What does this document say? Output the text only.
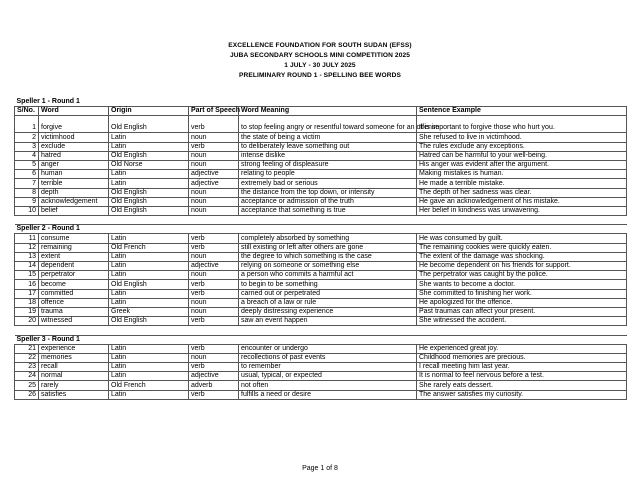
EXCELLENCE FOUNDATION FOR SOUTH SUDAN (EFSS)
JUBA SECONDARY SCHOOLS MINI COMPETITION 2025
1 JULY - 30 JULY 2025
PRELIMINARY ROUND 1 - SPELLING BEE WORDS
Speller 1 - Round 1					
S/No.	Word	Origin	Part of Speech	Word Meaning	Sentence Example
1	forgive	Old English	verb	to stop feeling angry or resentful toward someone for an offense	It is important to forgive those who hurt you.
2	victimhood	Latin	noun	the state of being a victim	She refused to live in victimhood.
3	exclude	Latin	verb	to deliberately leave something out	The rules exclude any exceptions.
4	hatred	Old English	noun	intense dislike	Hatred can be harmful to your well-being.
5	anger	Old Norse	noun	strong feeling of displeasure	His anger was evident after the argument.
6	human	Latin	adjective	relating to people	Making mistakes is human.
7	terrible	Latin	adjective	extremely bad or serious	He made a terrible mistake.
8	depth	Old English	noun	the distance from the top down, or intensity	The depth of her sadness was clear.
9	acknowledgement	Old English	noun	acceptance or admission of the truth	He gave an acknowledgement of his mistake.
10	belief	Old English	noun	acceptance that something is true	Her belief in kindness was unwavering.

Speller 2 - Round 1					
11	consume	Latin	verb	completely absorbed by something	He was consumed by guilt.
12	remaining	Old French	verb	still existing or left after others are gone	The remaining cookies were quickly eaten.
13	extent	Latin	noun	the degree to which something is the case	The extent of the damage was shocking.
14	dependent	Latin	adjective	relying on someone or something else	He become dependent on his friends for support.
15	perpetrator	Latin	noun	a person who commits a harmful act	The perpetrator was caught by the police.
16	become	Old English	verb	to begin to be something	She wants to become a doctor.
17	committed	Latin	verb	carried out or perpetrated	She committed to finishing her work.
18	offence	Latin	noun	a breach of a law or rule	He apologized for the offence.
19	trauma	Greek	noun	deeply distressing experience	Past traumas can affect your present.
20	witnessed	Old English	verb	saw an event happen	She witnessed the accident.

Speller 3 - Round 1					
21	experience	Latin	verb	encounter or undergo	He experienced great joy.
22	memories	Latin	noun	recollections of past events	Childhood memories are precious.
23	recall	Latin	verb	to remember	I recall meeting him last year.
24	normal	Latin	adjective	usual, typical, or expected	It is normal to feel nervous before a test.
25	rarely	Old French	adverb	not often	She rarely eats dessert.
26	satisfies	Latin	verb	fulfills a need or desire	The answer satisfies my curiosity.
Page 1 of 8
